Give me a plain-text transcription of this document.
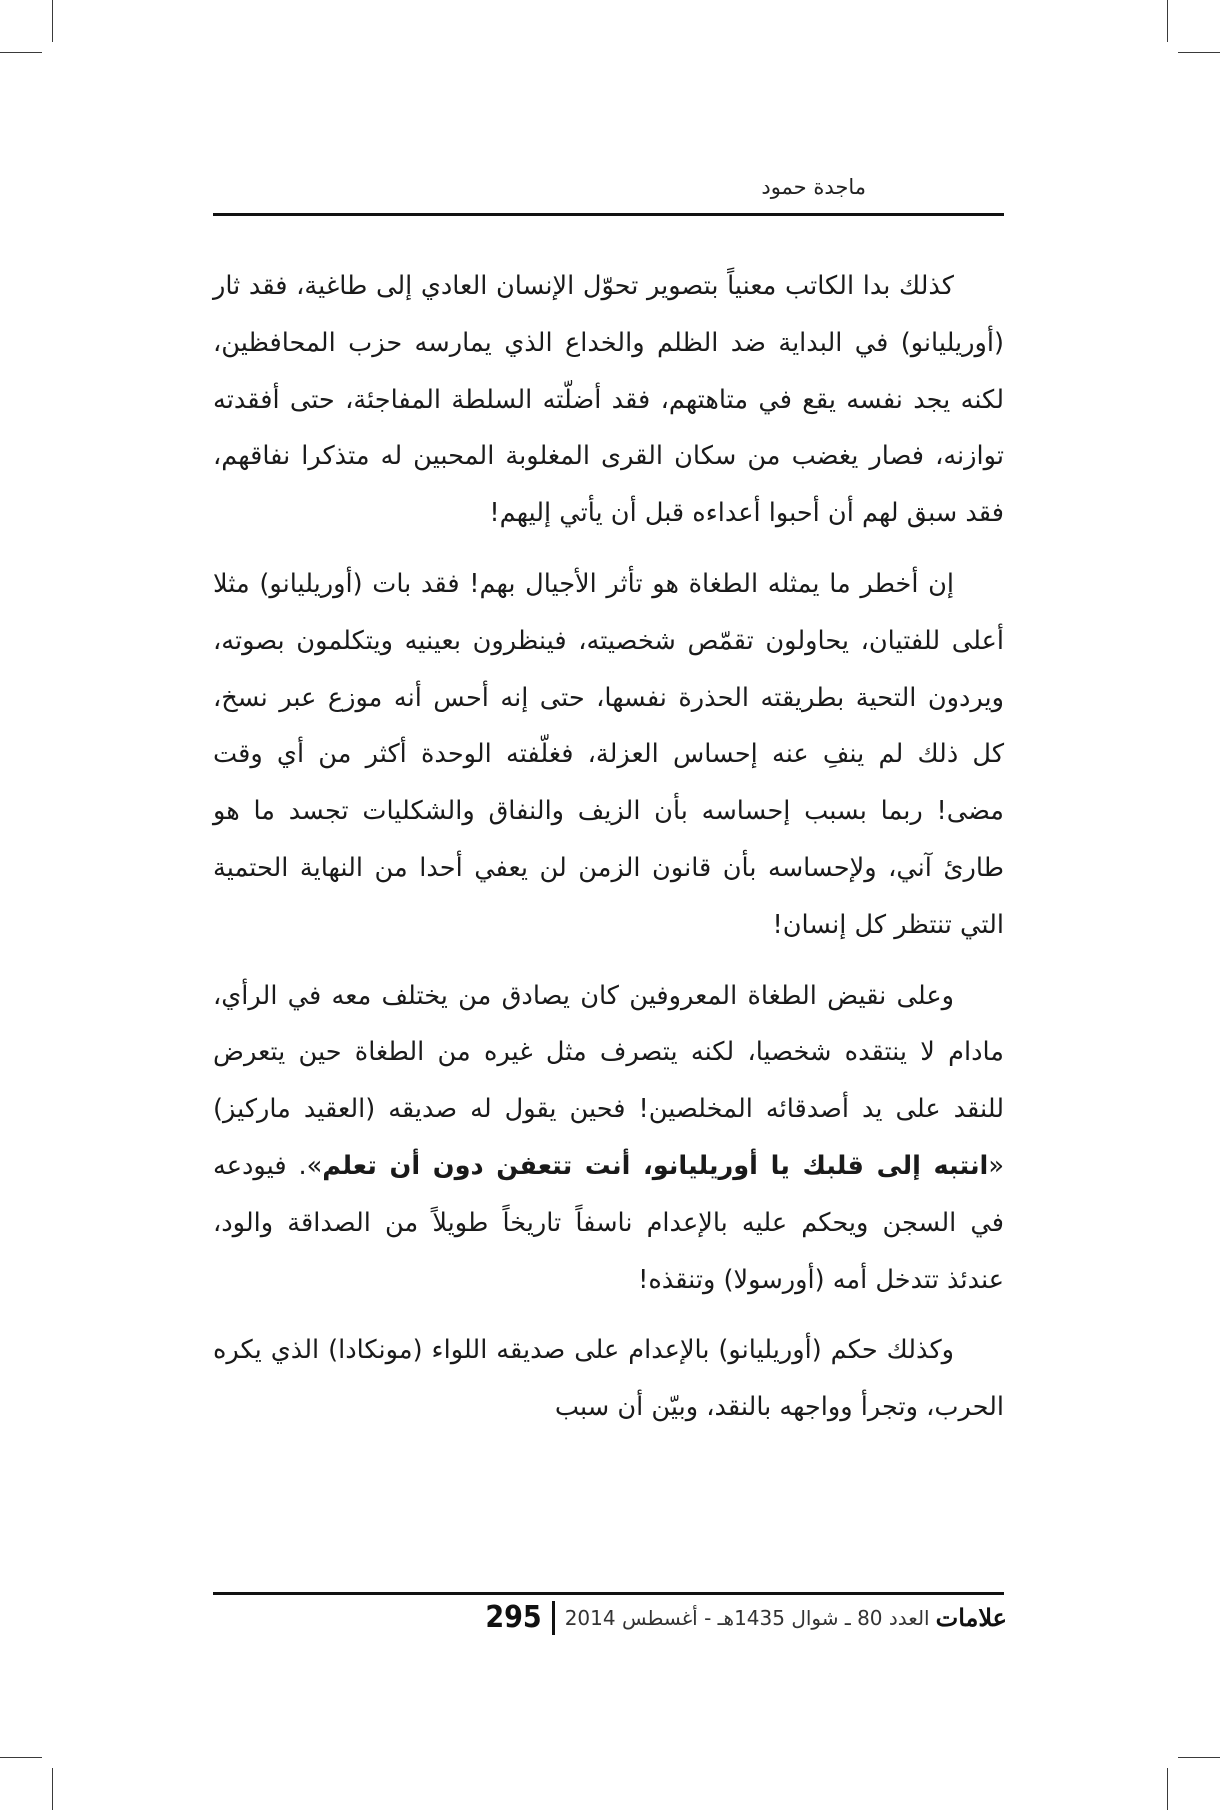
ماجدة حمود

كذلك بدا الكاتب معنياً بتصوير تحوّل الإنسان العادي إلى طاغية، فقد ثار (أوريليانو) في البداية ضد الظلم والخداع الذي يمارسه حزب المحافظين، لكنه يجد نفسه يقع في متاهتهم، فقد أضلّته السلطة المفاجئة، حتى أفقدته توازنه، فصار يغضب من سكان القرى المغلوبة المحبين له متذكرا نفاقهم، فقد سبق لهم أن أحبوا أعداءه قبل أن يأتي إليهم!

إن أخطر ما يمثله الطغاة هو تأثر الأجيال بهم! فقد بات (أوريليانو) مثلا أعلى للفتيان، يحاولون تقمّص شخصيته، فينظرون بعينيه ويتكلمون بصوته، ويردون التحية بطريقته الحذرة نفسها، حتى إنه أحس أنه موزع عبر نسخ، كل ذلك لم ينفِ عنه إحساس العزلة، فغلّفته الوحدة أكثر من أي وقت مضى! ربما بسبب إحساسه بأن الزيف والنفاق والشكليات تجسد ما هو طارئ آني، ولإحساسه بأن قانون الزمن لن يعفي أحدا من النهاية الحتمية التي تنتظر كل إنسان!

وعلى نقيض الطغاة المعروفين كان يصادق من يختلف معه في الرأي، مادام لا ينتقده شخصيا، لكنه يتصرف مثل غيره من الطغاة حين يتعرض للنقد على يد أصدقائه المخلصين! فحين يقول له صديقه (العقيد ماركيز) «انتبه إلى قلبك يا أوريليانو، أنت تتعفن دون أن تعلم». فيودعه في السجن ويحكم عليه بالإعدام ناسفاً تاريخاً طويلاً من الصداقة والود، عندئذ تتدخل أمه (أورسولا) وتنقذه!

وكذلك حكم (أوريليانو) بالإعدام على صديقه اللواء (مونكادا) الذي يكره الحرب، وتجرأ وواجهه بالنقد، وبيّن أن سبب

علامات
العدد 80 ـ شوال 1435هـ - أغسطس 2014
295
